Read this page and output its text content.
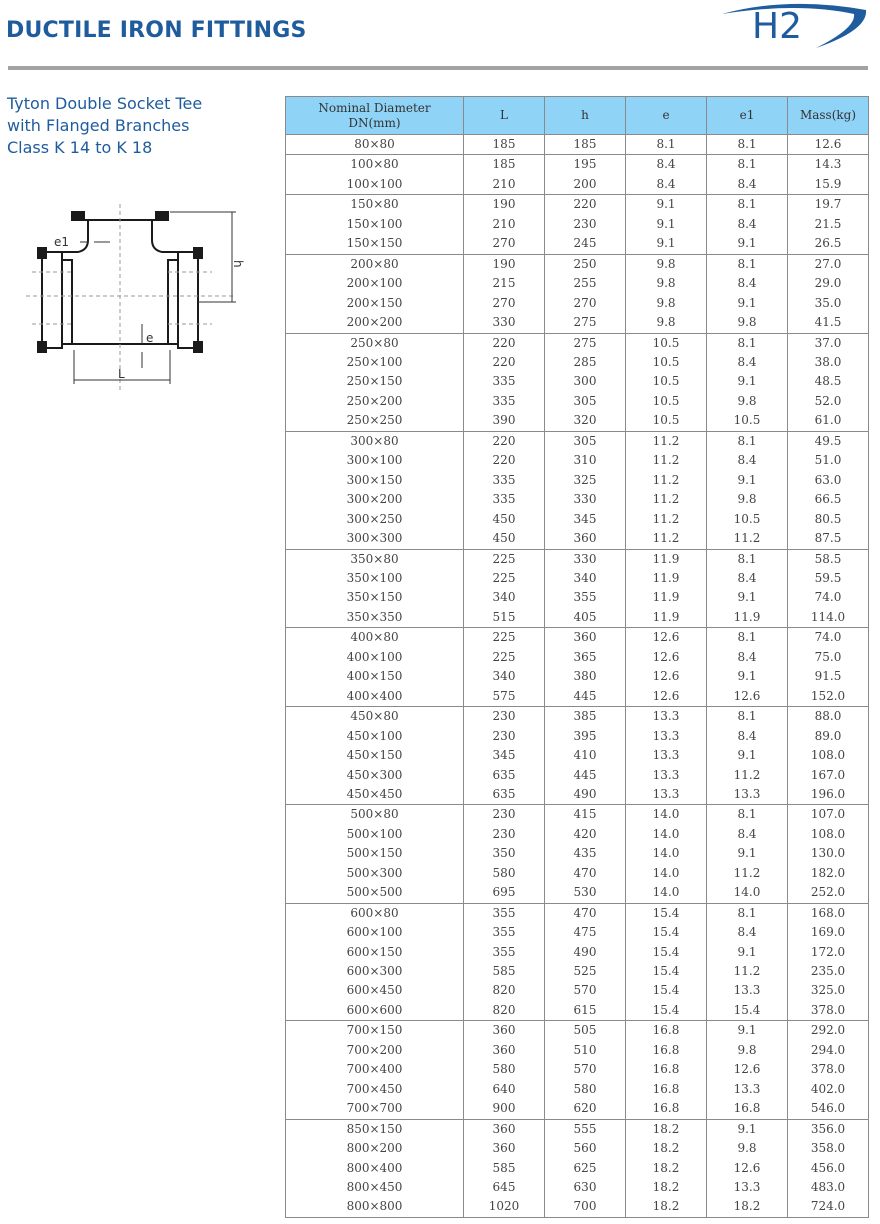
DUCTILE IRON FITTINGS	H2
Tyton Double Socket Tee
with Flanged Branches
Class K 14 to K 18
e1
h
e
L
Nominal Diameter
DN(mm)	L	h	e	e1	Mass(kg)
80×80	185	185	8.1	8.1	12.6
100×80	185	195	8.4	8.1	14.3
100×100	210	200	8.4	8.4	15.9
150×80	190	220	9.1	8.1	19.7
150×100	210	230	9.1	8.4	21.5
150×150	270	245	9.1	9.1	26.5
200×80	190	250	9.8	8.1	27.0
200×100	215	255	9.8	8.4	29.0
200×150	270	270	9.8	9.1	35.0
200×200	330	275	9.8	9.8	41.5
250×80	220	275	10.5	8.1	37.0
250×100	220	285	10.5	8.4	38.0
250×150	335	300	10.5	9.1	48.5
250×200	335	305	10.5	9.8	52.0
250×250	390	320	10.5	10.5	61.0
300×80	220	305	11.2	8.1	49.5
300×100	220	310	11.2	8.4	51.0
300×150	335	325	11.2	9.1	63.0
300×200	335	330	11.2	9.8	66.5
300×250	450	345	11.2	10.5	80.5
300×300	450	360	11.2	11.2	87.5
350×80	225	330	11.9	8.1	58.5
350×100	225	340	11.9	8.4	59.5
350×150	340	355	11.9	9.1	74.0
350×350	515	405	11.9	11.9	114.0
400×80	225	360	12.6	8.1	74.0
400×100	225	365	12.6	8.4	75.0
400×150	340	380	12.6	9.1	91.5
400×400	575	445	12.6	12.6	152.0
450×80	230	385	13.3	8.1	88.0
450×100	230	395	13.3	8.4	89.0
450×150	345	410	13.3	9.1	108.0
450×300	635	445	13.3	11.2	167.0
450×450	635	490	13.3	13.3	196.0
500×80	230	415	14.0	8.1	107.0
500×100	230	420	14.0	8.4	108.0
500×150	350	435	14.0	9.1	130.0
500×300	580	470	14.0	11.2	182.0
500×500	695	530	14.0	14.0	252.0
600×80	355	470	15.4	8.1	168.0
600×100	355	475	15.4	8.4	169.0
600×150	355	490	15.4	9.1	172.0
600×300	585	525	15.4	11.2	235.0
600×450	820	570	15.4	13.3	325.0
600×600	820	615	15.4	15.4	378.0
700×150	360	505	16.8	9.1	292.0
700×200	360	510	16.8	9.8	294.0
700×400	580	570	16.8	12.6	378.0
700×450	640	580	16.8	13.3	402.0
700×700	900	620	16.8	16.8	546.0
850×150	360	555	18.2	9.1	356.0
800×200	360	560	18.2	9.8	358.0
800×400	585	625	18.2	12.6	456.0
800×450	645	630	18.2	13.3	483.0
800×800	1020	700	18.2	18.2	724.0
